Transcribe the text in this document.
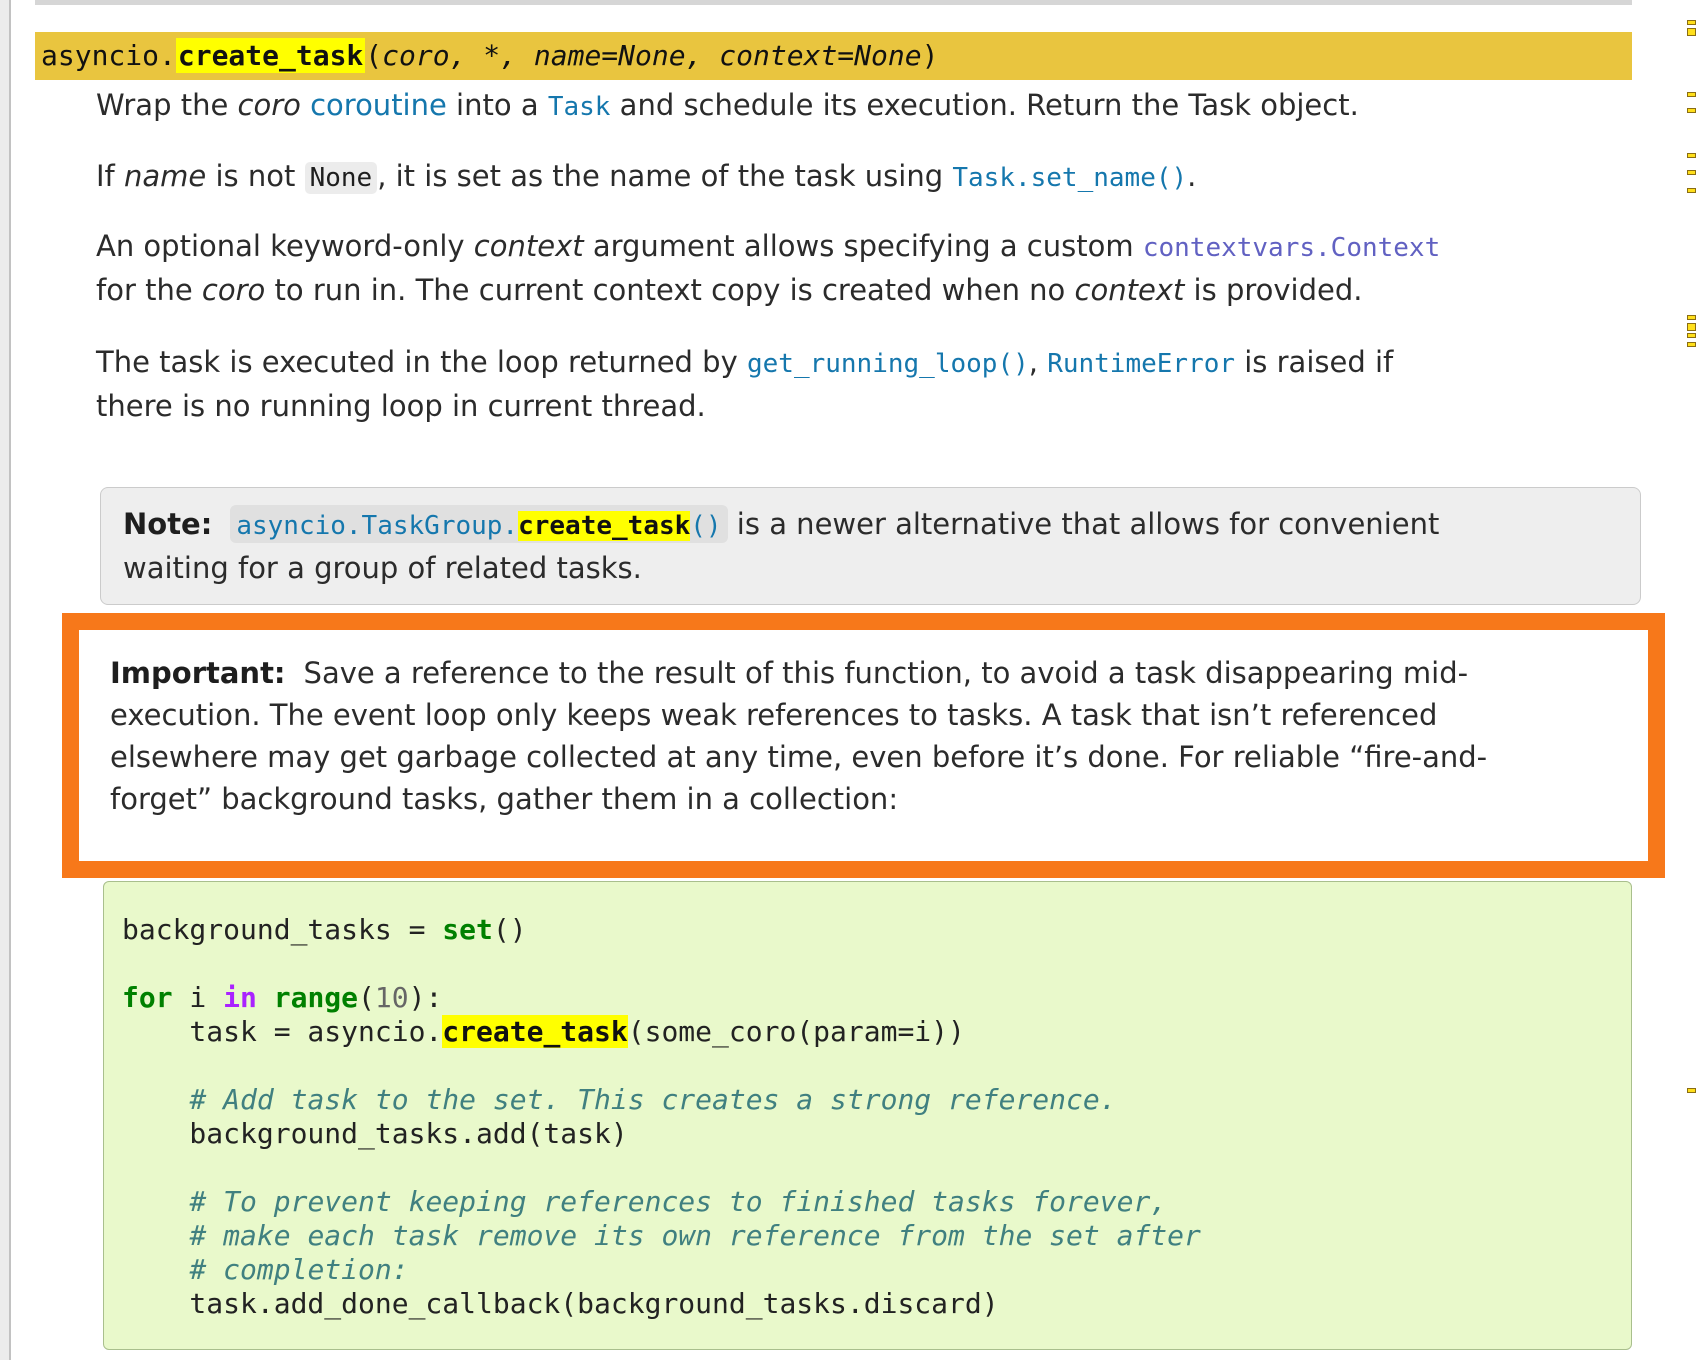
asyncio.create_task(coro, *, name=None, context=None)

Wrap the coro coroutine into a Task and schedule its execution. Return the Task object.

If name is not None , it is set as the name of the task using Task.set_name().

An optional keyword-only context argument allows specifying a custom contextvars.Context for the coro to run in. The current context copy is created when no context is provided.

The task is executed in the loop returned by get_running_loop(), RuntimeError is raised if there is no running loop in current thread.

Note: asyncio.TaskGroup.create_task() is a newer alternative that allows for convenient waiting for a group of related tasks.

Important: Save a reference to the result of this function, to avoid a task disappearing mid-execution. The event loop only keeps weak references to tasks. A task that isn’t referenced elsewhere may get garbage collected at any time, even before it’s done. For reliable “fire-and-forget” background tasks, gather them in a collection:

background_tasks = set()
for i in range(10):
task = asyncio.create_task(some_coro(param=i))
# Add task to the set. This creates a strong reference.
background_tasks.add(task)
# To prevent keeping references to finished tasks forever,
# make each task remove its own reference from the set after
# completion:
task.add_done_callback(background_tasks.discard)
